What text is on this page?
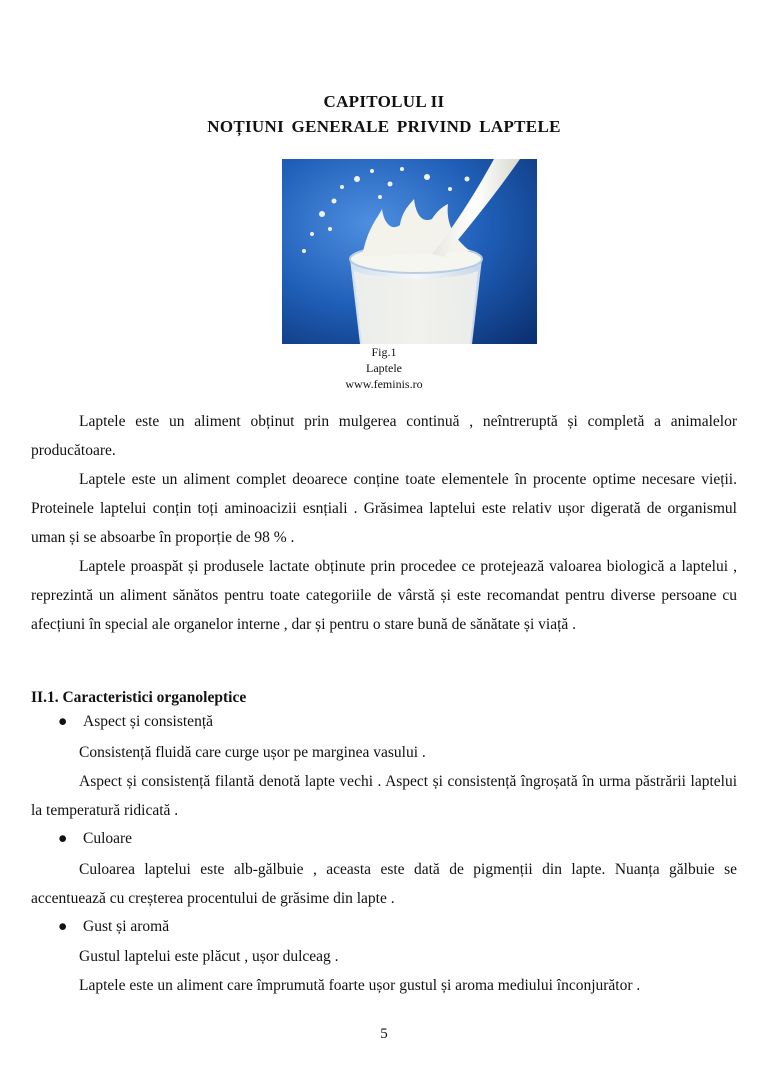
CAPITOLUL II
NOȚIUNI GENERALE PRIVIND LAPTELE
Fig.1
Laptele
www.feminis.ro

Laptele este un aliment obținut prin mulgerea continuă , neîntreruptă și completă a animalelor producătoare.

Laptele este un aliment complet deoarece conține toate elementele în procente optime necesare vieții. Proteinele laptelui conțin toți aminoacizii esnțiali . Grăsimea laptelui este relativ ușor digerată de organismul uman și se absoarbe în proporție de 98 % .

Laptele proaspăt și produsele lactate obținute prin procedee ce protejează valoarea biologică a laptelui , reprezintă un aliment sănătos pentru toate categoriile de vârstă și este recomandat pentru diverse persoane cu afecțiuni în special ale organelor interne , dar și pentru o stare bună de sănătate și viață .

II.1. Caracteristici organoleptice
● Aspect și consistență

Consistență fluidă care curge ușor pe marginea vasului .

Aspect și consistență filantă denotă lapte vechi . Aspect și consistență îngroșată în urma păstrării laptelui la temperatură ridicată .

● Culoare

Culoarea laptelui este alb-gălbuie , aceasta este dată de pigmenții din lapte. Nuanța gălbuie se accentuează cu creșterea procentului de grăsime din lapte .

● Gust și aromă

Gustul laptelui este plăcut , ușor dulceag .

Laptele este un aliment care împrumută foarte ușor gustul și aroma mediului înconjurător .

5
